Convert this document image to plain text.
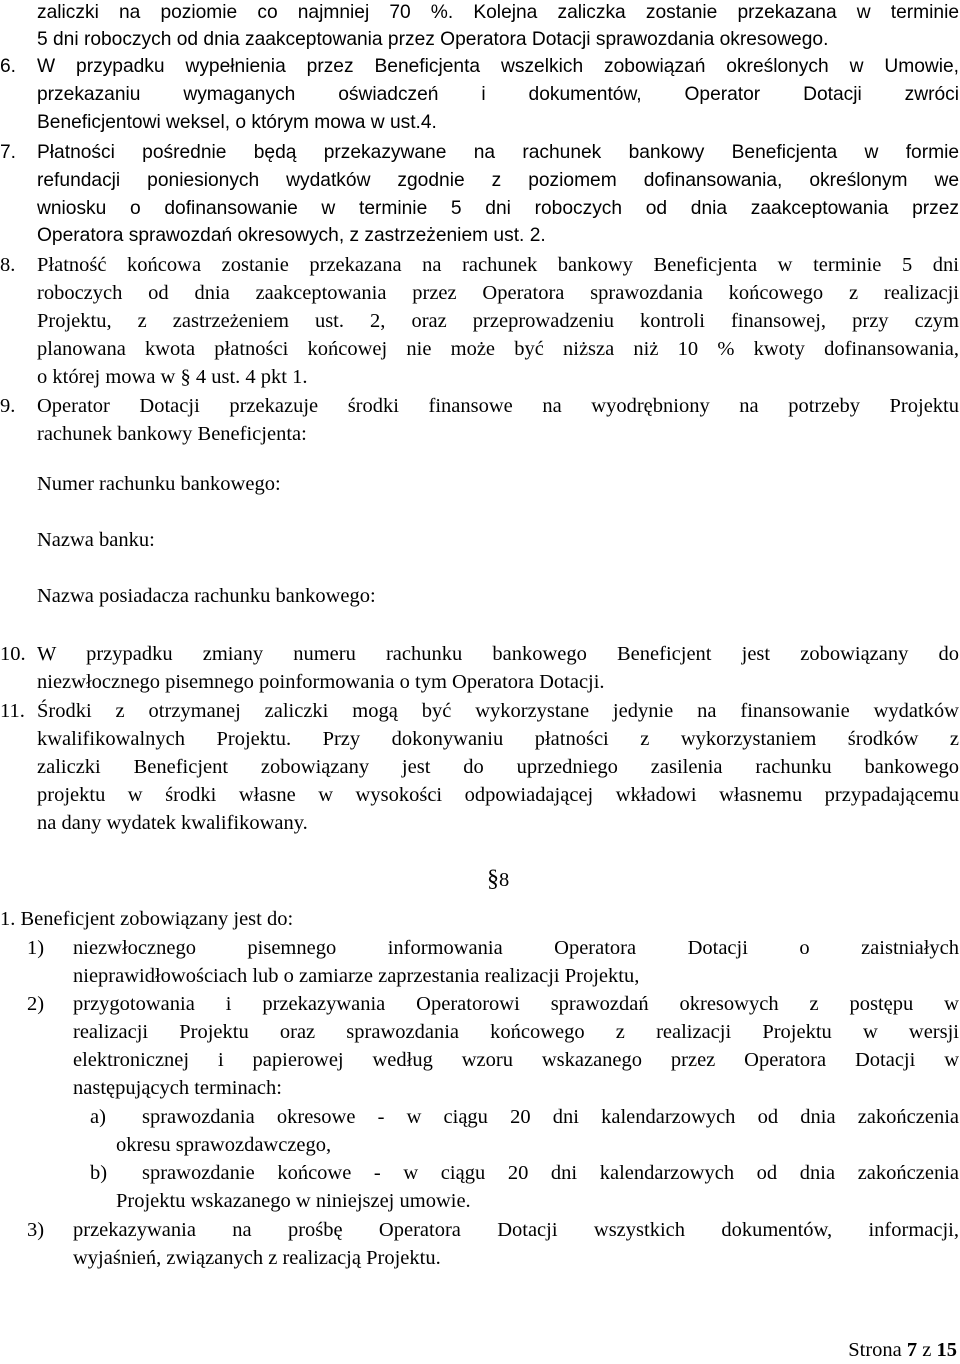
zaliczki na poziomie co najmniej 70 %. Kolejna zaliczka zostanie przekazana w terminie
5 dni roboczych od dnia zaakceptowania przez Operatora Dotacji sprawozdania okresowego.
6. W przypadku wypełnienia przez Beneficjenta wszelkich zobowiązań określonych w Umowie,
przekazaniu wymaganych oświadczeń i dokumentów, Operator Dotacji zwróci
Beneficjentowi weksel, o którym mowa w ust.4.
7. Płatności pośrednie będą przekazywane na rachunek bankowy Beneficjenta w formie
refundacji poniesionych wydatków zgodnie z poziomem dofinansowania, określonym we
wniosku o dofinansowanie w terminie 5 dni roboczych od dnia zaakceptowania przez
Operatora sprawozdań okresowych, z zastrzeżeniem ust. 2.
8. Płatność końcowa zostanie przekazana na rachunek bankowy Beneficjenta w terminie 5 dni
roboczych od dnia zaakceptowania przez Operatora sprawozdania końcowego z realizacji
Projektu, z zastrzeżeniem ust. 2, oraz przeprowadzeniu kontroli finansowej, przy czym
planowana kwota płatności końcowej nie może być niższa niż 10 % kwoty dofinansowania,
o której mowa w § 4 ust. 4 pkt 1.
9. Operator Dotacji przekazuje środki finansowe na wyodrębniony na potrzeby Projektu
rachunek bankowy Beneficjenta:
Numer rachunku bankowego:
Nazwa banku:
Nazwa posiadacza rachunku bankowego:
10. W przypadku zmiany numeru rachunku bankowego Beneficjent jest zobowiązany do
niezwłocznego pisemnego poinformowania o tym Operatora Dotacji.
11. Środki z otrzymanej zaliczki mogą być wykorzystane jedynie na finansowanie wydatków
kwalifikowalnych Projektu. Przy dokonywaniu płatności z wykorzystaniem środków z
zaliczki Beneficjent zobowiązany jest do uprzedniego zasilenia rachunku bankowego
projektu w środki własne w wysokości odpowiadającej wkładowi własnemu przypadającemu
na dany wydatek kwalifikowany.
§8
1. Beneficjent zobowiązany jest do:
1) niezwłocznego pisemnego informowania Operatora Dotacji o zaistniałych
nieprawidłowościach lub o zamiarze zaprzestania realizacji Projektu,
2) przygotowania i przekazywania Operatorowi sprawozdań okresowych z postępu w
realizacji Projektu oraz sprawozdania końcowego z realizacji Projektu w wersji
elektronicznej i papierowej według wzoru wskazanego przez Operatora Dotacji w
następujących terminach:
a) sprawozdania okresowe - w ciągu 20 dni kalendarzowych od dnia zakończenia
okresu sprawozdawczego,
b) sprawozdanie końcowe - w ciągu 20 dni kalendarzowych od dnia zakończenia
Projektu wskazanego w niniejszej umowie.
3) przekazywania na prośbę Operatora Dotacji wszystkich dokumentów, informacji,
wyjaśnień, związanych z realizacją Projektu.
Strona 7 z 15
